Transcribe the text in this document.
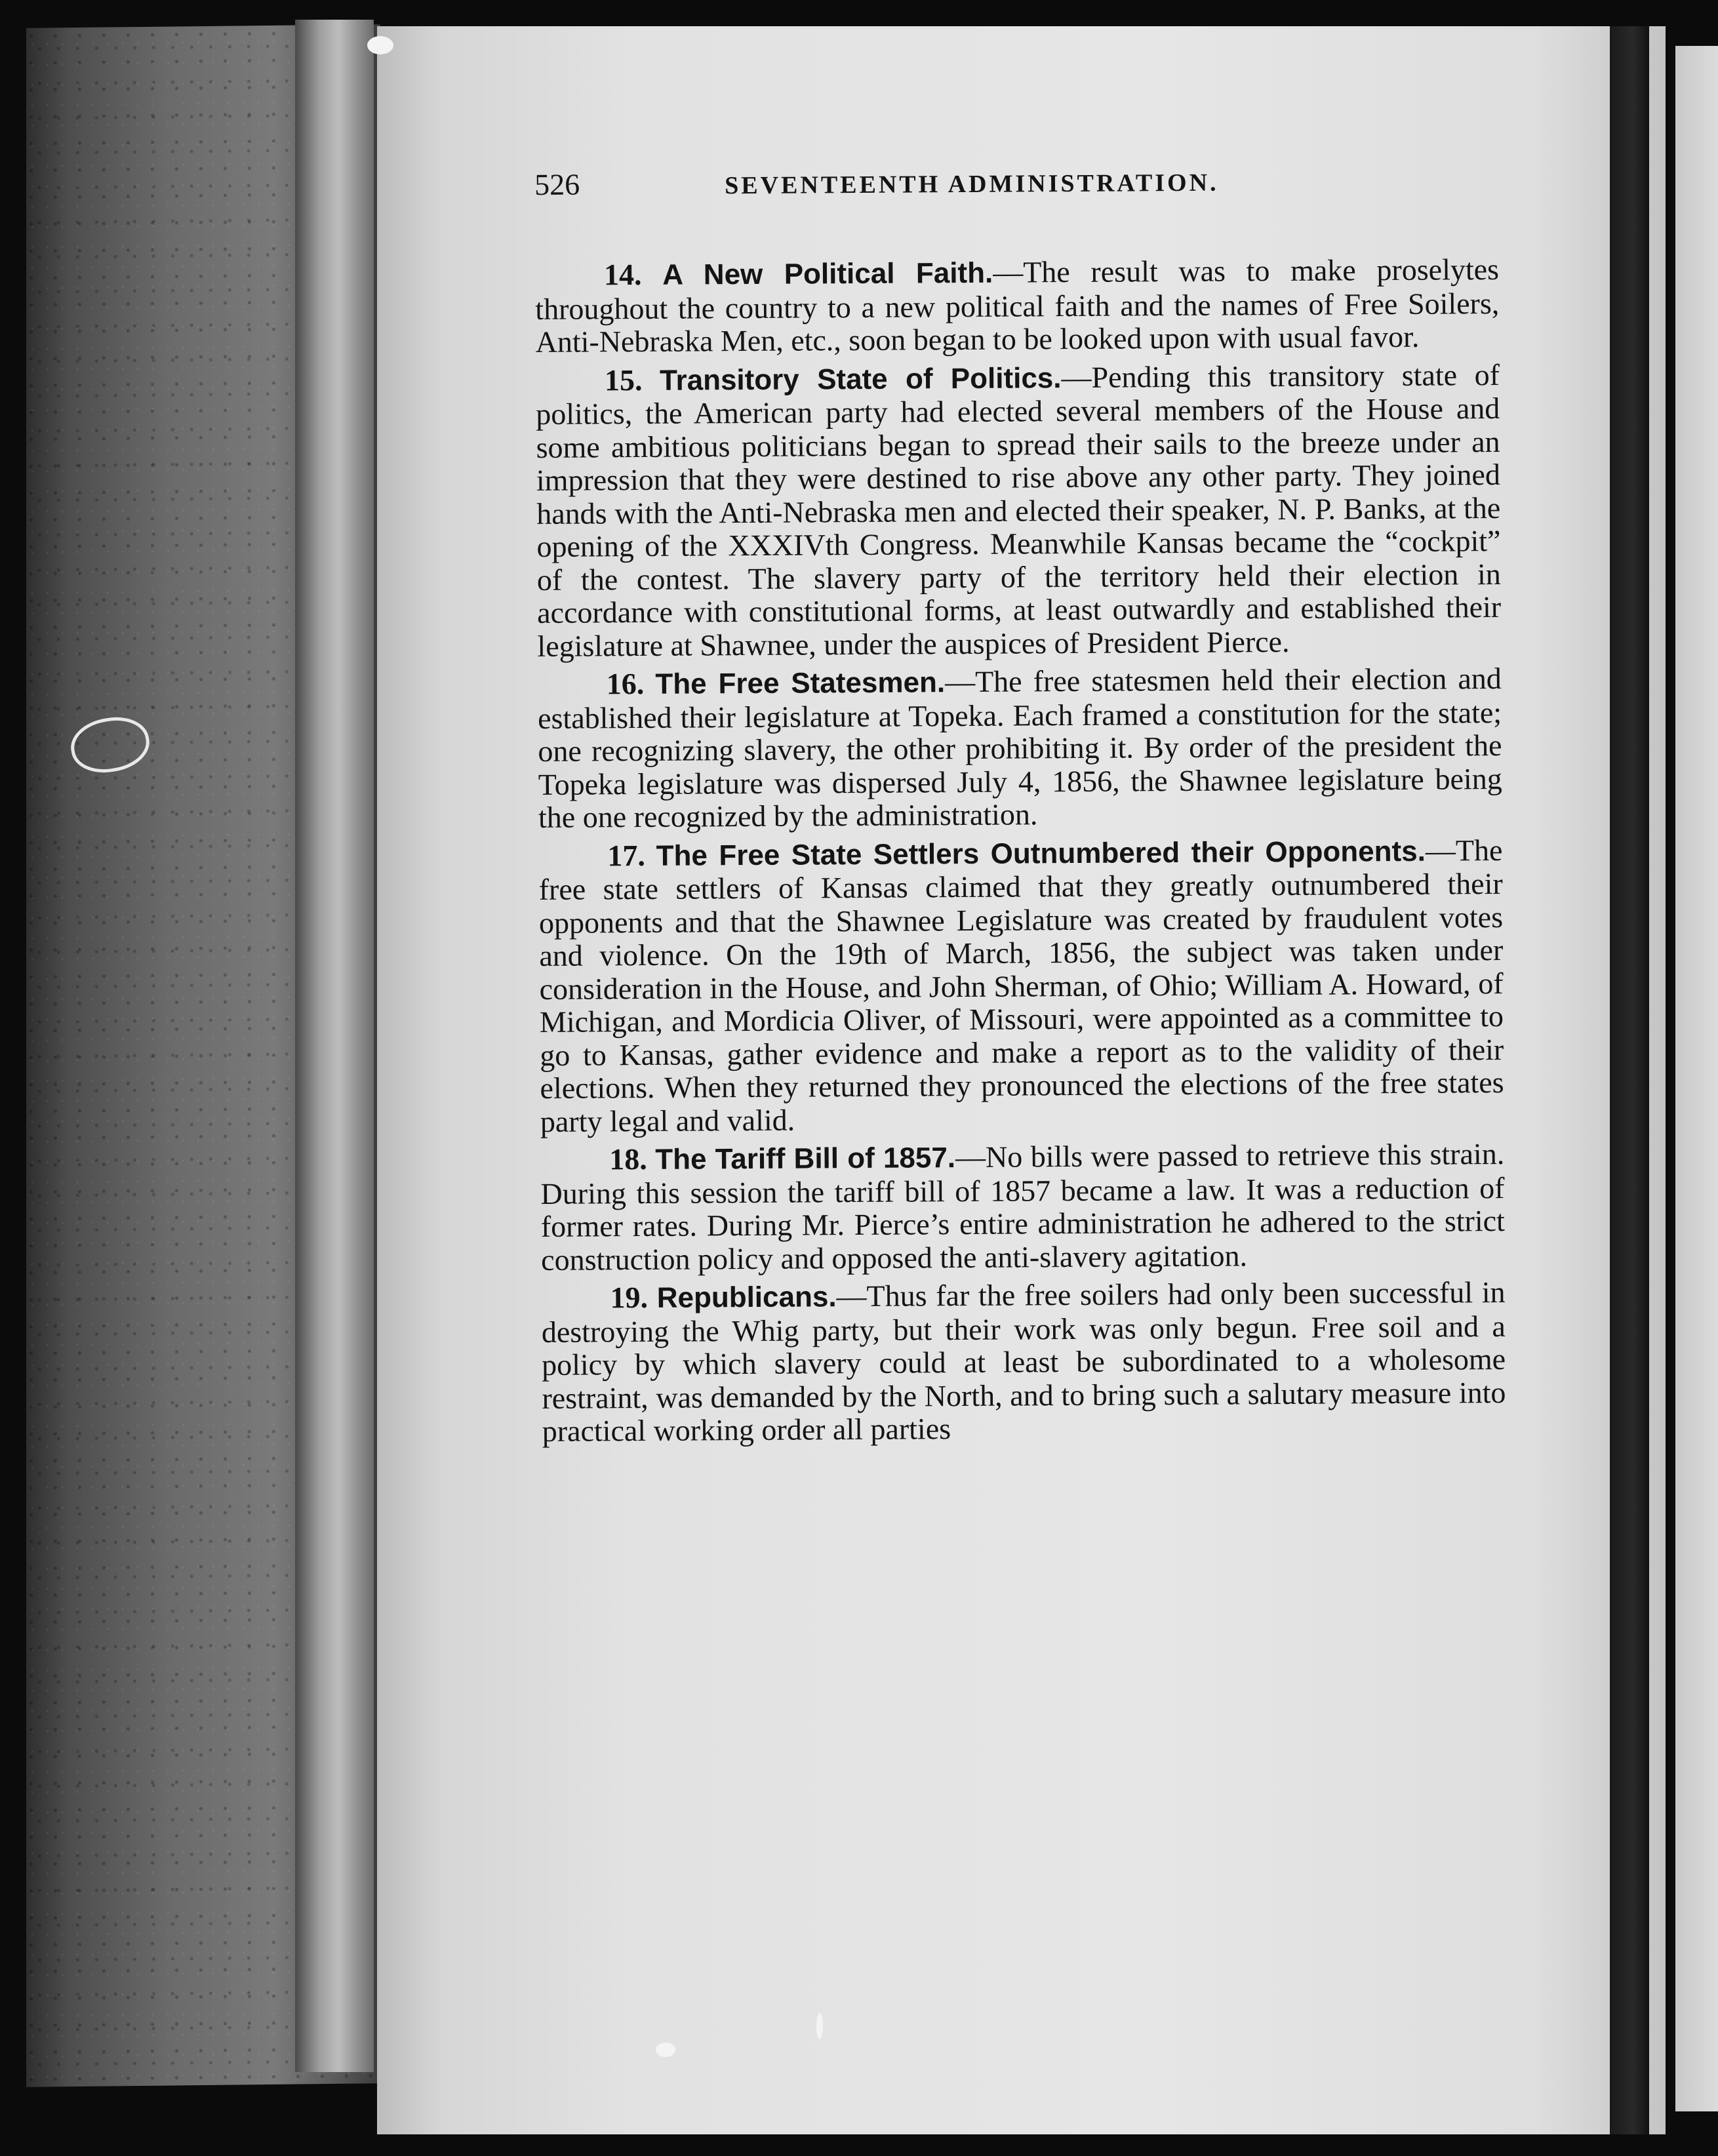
526	SEVENTEENTH ADMINISTRATION.

14. A New Political Faith.—The result was to make proselytes throughout the country to a new political faith and the names of Free Soilers, Anti-Nebraska Men, etc., soon began to be looked upon with usual favor.

15. Transitory State of Politics.—Pending this transitory state of politics, the American party had elected several members of the House and some ambitious politicians began to spread their sails to the breeze under an impression that they were destined to rise above any other party. They joined hands with the Anti-Nebraska men and elected their speaker, N. P. Banks, at the opening of the XXXIVth Congress. Meanwhile Kansas became the “cockpit” of the contest. The slavery party of the territory held their election in accordance with constitutional forms, at least outwardly and established their legislature at Shawnee, under the auspices of President Pierce.

16. The Free Statesmen.—The free statesmen held their election and established their legislature at Topeka. Each framed a constitution for the state; one recognizing slavery, the other prohibiting it. By order of the president the Topeka legislature was dispersed July 4, 1856, the Shawnee legislature being the one recognized by the administration.

17. The Free State Settlers Outnumbered their Opponents.—The free state settlers of Kansas claimed that they greatly outnumbered their opponents and that the Shawnee Legislature was created by fraudulent votes and violence. On the 19th of March, 1856, the subject was taken under consideration in the House, and John Sherman, of Ohio; William A. Howard, of Michigan, and Mordicia Oliver, of Missouri, were appointed as a committee to go to Kansas, gather evidence and make a report as to the validity of their elections. When they returned they pronounced the elections of the free states party legal and valid.

18. The Tariff Bill of 1857.—No bills were passed to retrieve this strain. During this session the tariff bill of 1857 became a law. It was a reduction of former rates. During Mr. Pierce’s entire administration he adhered to the strict construction policy and opposed the anti-slavery agitation.

19. Republicans.—Thus far the free soilers had only been successful in destroying the Whig party, but their work was only begun. Free soil and a policy by which slavery could at least be subordinated to a wholesome restraint, was demanded by the North, and to bring such a salutary measure into practical working order all parties
